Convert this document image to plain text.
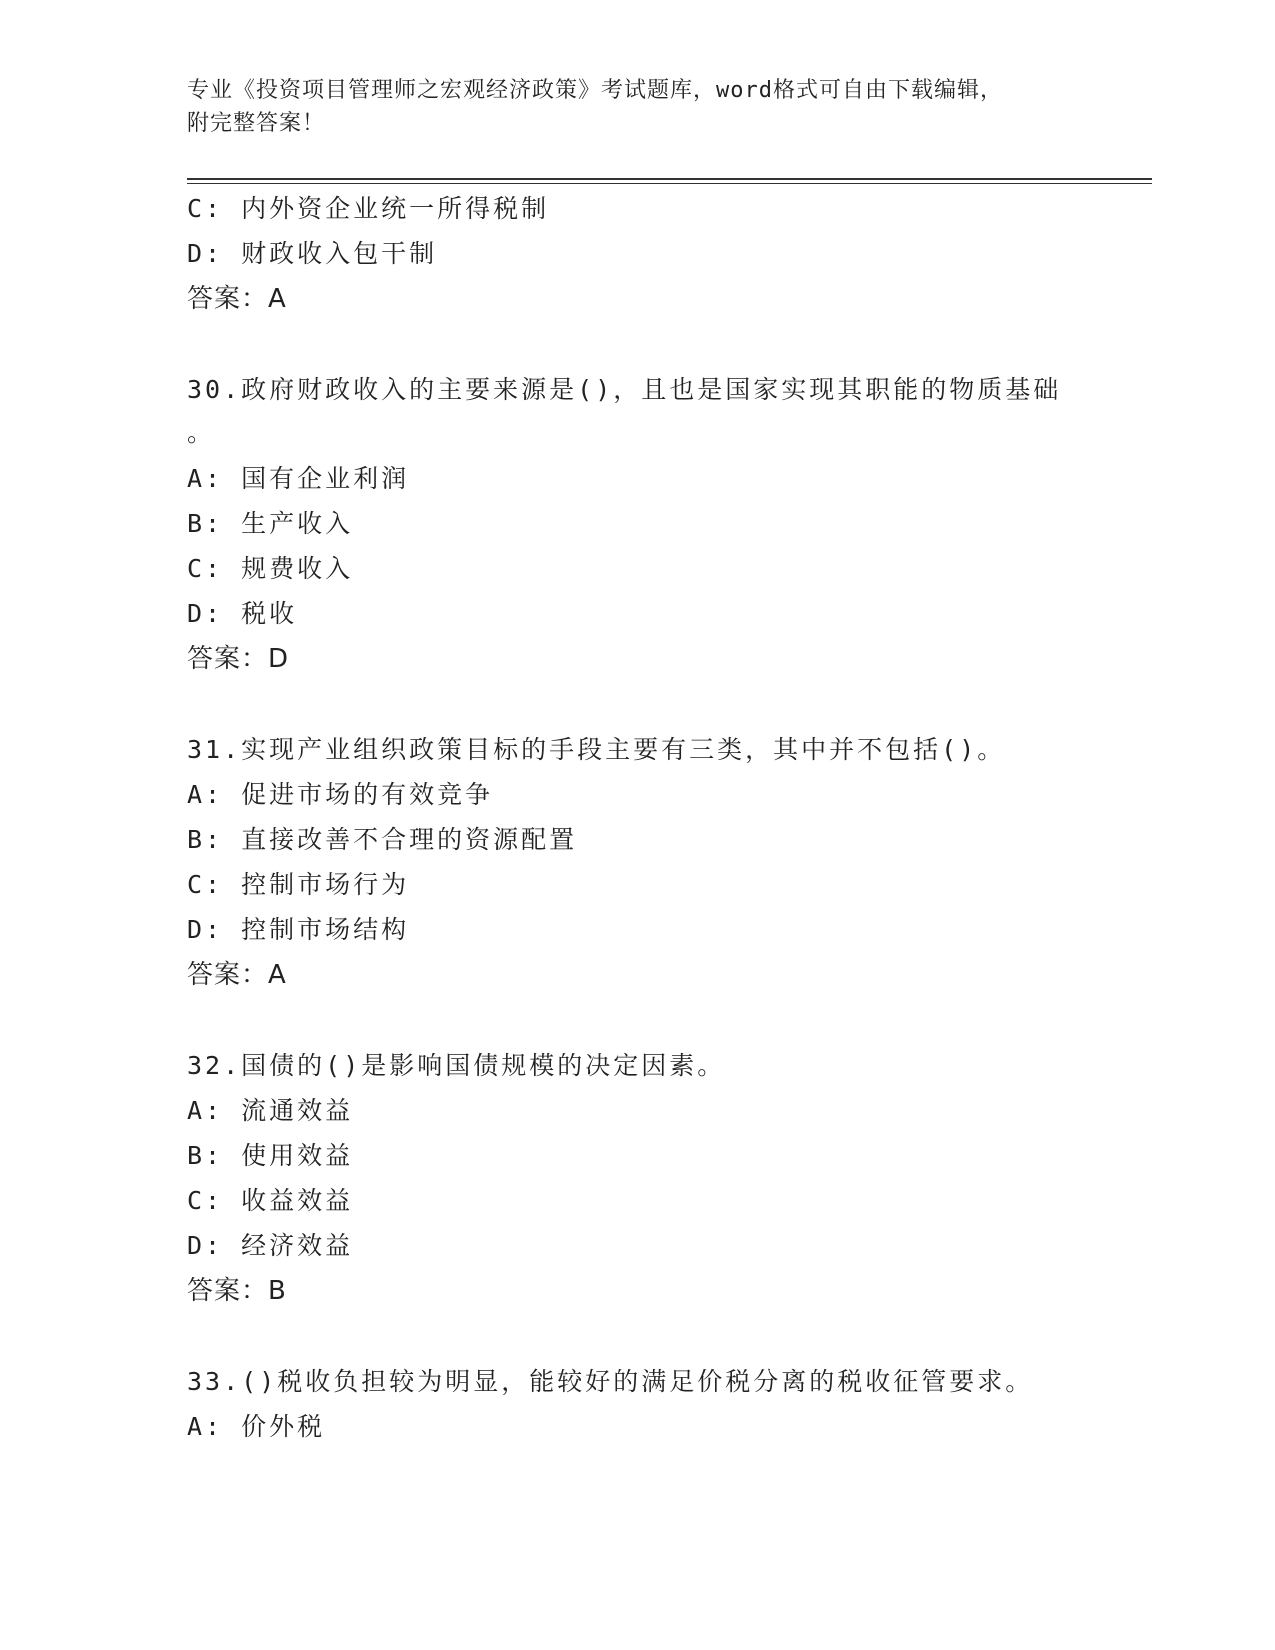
专业《投资项目管理师之宏观经济政策》考试题库，word格式可自由下载编辑，
附完整答案！
C: 内外资企业统一所得税制
D: 财政收入包干制
答案：A
30.政府财政收入的主要来源是()，且也是国家实现其职能的物质基础
。
A: 国有企业利润
B: 生产收入
C: 规费收入
D: 税收
答案：D
31.实现产业组织政策目标的手段主要有三类，其中并不包括()。
A: 促进市场的有效竞争
B: 直接改善不合理的资源配置
C: 控制市场行为
D: 控制市场结构
答案：A
32.国债的()是影响国债规模的决定因素。
A: 流通效益
B: 使用效益
C: 收益效益
D: 经济效益
答案：B
33.()税收负担较为明显，能较好的满足价税分离的税收征管要求。
A: 价外税
